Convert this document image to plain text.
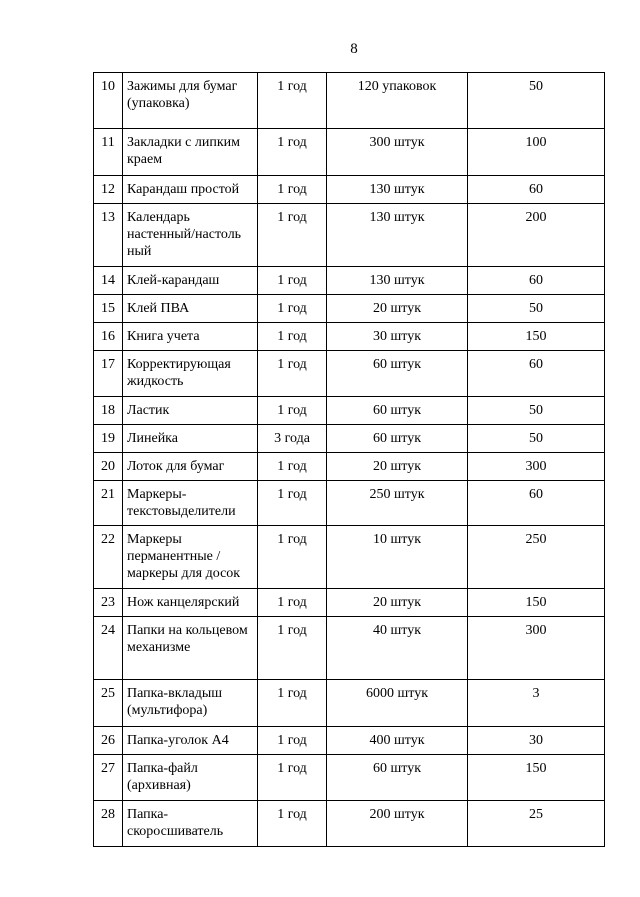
8
10	Зажимы для бумаг (упаковка)	1 год	120 упаковок	50
11	Закладки с липким краем	1 год	300 штук	100
12	Карандаш простой	1 год	130 штук	60
13	Календарь настенный/настоль ный	1 год	130 штук	200
14	Клей-карандаш	1 год	130 штук	60
15	Клей ПВА	1 год	20 штук	50
16	Книга учета	1 год	30 штук	150
17	Корректирующая жидкость	1 год	60 штук	60
18	Ластик	1 год	60 штук	50
19	Линейка	3 года	60 штук	50
20	Лоток для бумаг	1 год	20 штук	300
21	Маркеры-текстовыделители	1 год	250 штук	60
22	Маркеры перманентные /маркеры для досок	1 год	10 штук	250
23	Нож канцелярский	1 год	20 штук	150
24	Папки на кольцевом механизме	1 год	40 штук	300
25	Папка-вкладыш (мультифора)	1 год	6000 штук	3
26	Папка-уголок А4	1 год	400 штук	30
27	Папка-файл (архивная)	1 год	60 штук	150
28	Папка-скоросшиватель	1 год	200 штук	25
